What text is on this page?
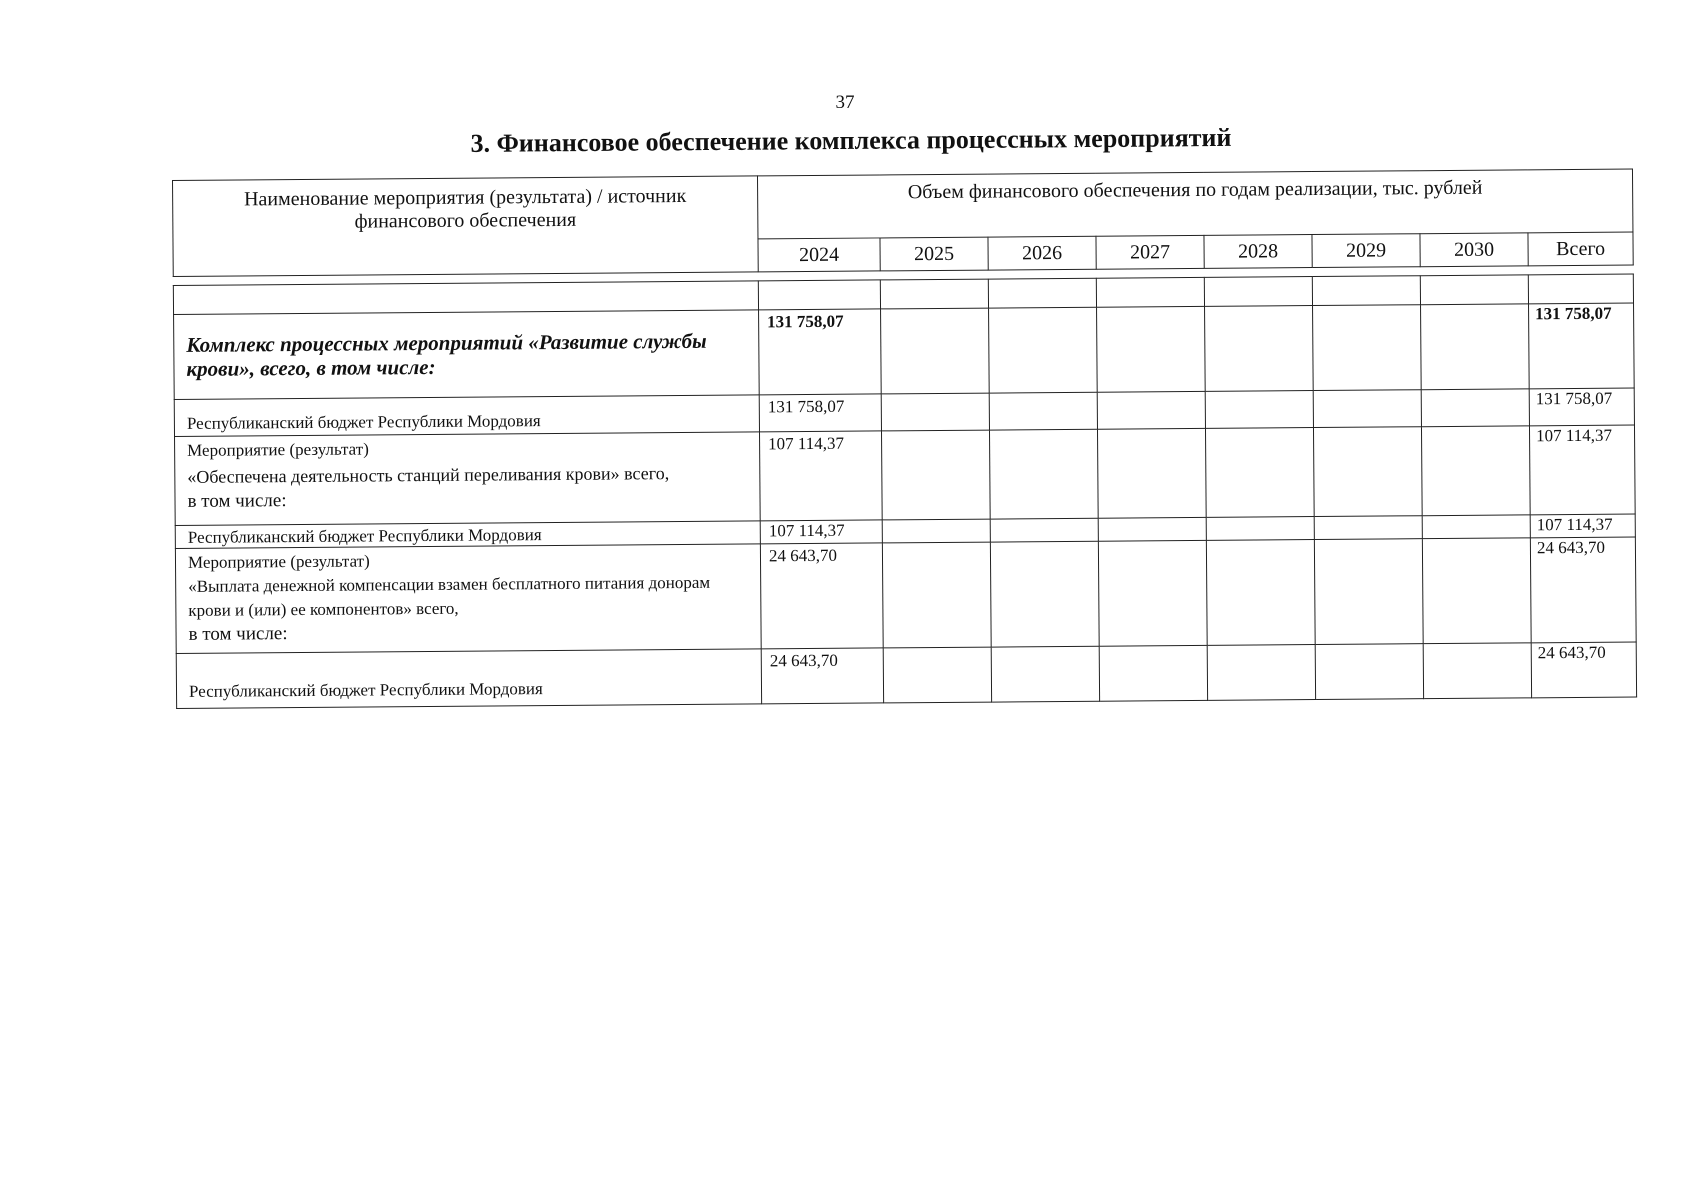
37
3. Финансовое обеспечение комплекса процессных мероприятий
Наименование мероприятия (результата) / источник финансового обеспечения	Объем финансового обеспечения по годам реализации, тыс. рублей							
	2024	2025	2026	2027	2028	2029	2030	Всего

Комплекс процессных мероприятий «Развитие службы крови», всего, в том числе:	131 758,07							131 758,07
Республиканский бюджет Республики Мордовия	131 758,07							131 758,07

Мероприятие (результат)
«Обеспечена деятельность станций переливания крови» всего,
в том числе:	107 114,37							107 114,37
Республиканский бюджет Республики Мордовия	107 114,37							107 114,37

Мероприятие (результат)
«Выплата денежной компенсации взамен бесплатного питания донорам крови и (или) ее компонентов» всего,
в том числе:	24 643,70							24 643,70
Республиканский бюджет Республики Мордовия	24 643,70							24 643,70
